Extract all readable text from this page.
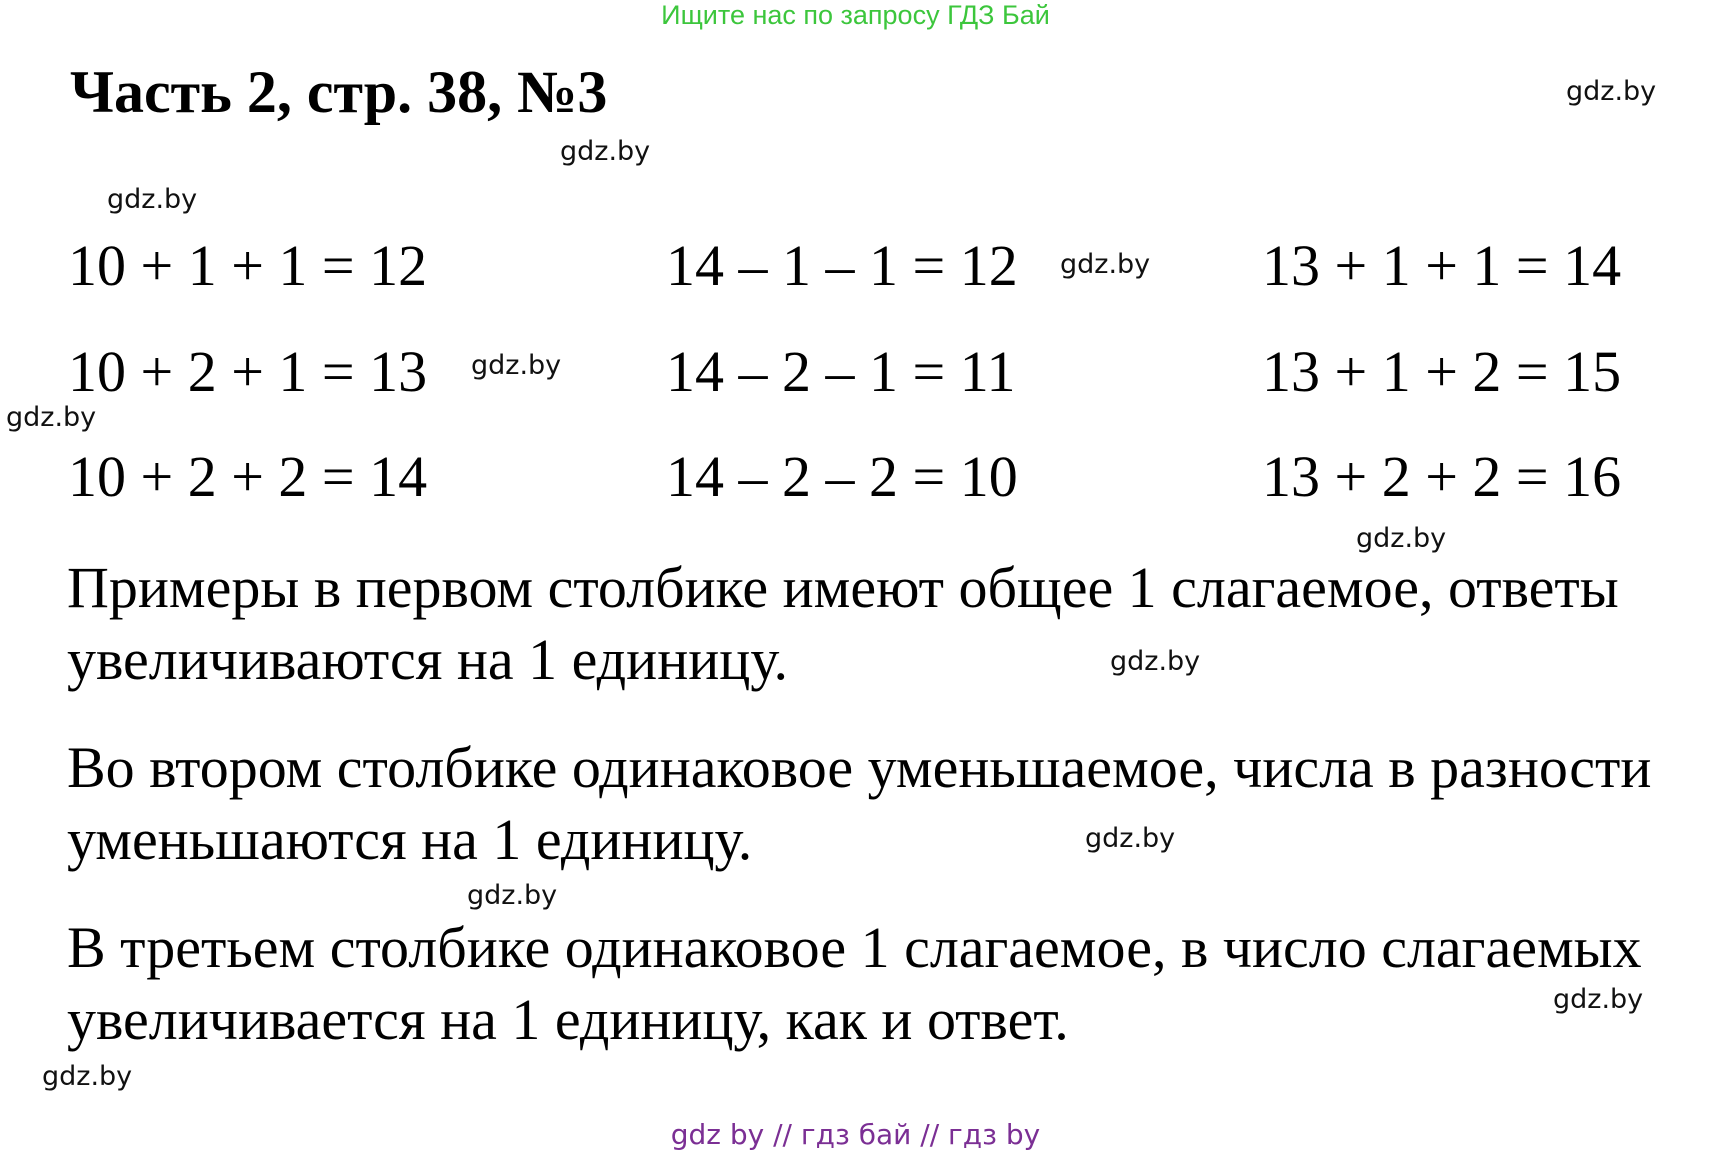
Ищите нас по запросу ГДЗ Бай
Часть 2, стр. 38, №3	gdz.by
gdz.by
gdz.by
gdz.by
gdz.by
gdz.by
gdz.by
gdz.by
gdz.by
gdz.by
gdz.by
gdz.by
10 + 1 + 1 = 12
10 + 2 + 1 = 13
10 + 2 + 2 = 14
14 – 1 – 1 = 12
14 – 2 – 1 = 11
14 – 2 – 2 = 10
13 + 1 + 1 = 14
13 + 1 + 2 = 15
13 + 2 + 2 = 16
Примеры в первом столбике имеют общее 1 слагаемое, ответы увеличиваются на 1 единицу.
Во втором столбике одинаковое уменьшаемое, числа в разности уменьшаются на 1 единицу.
В третьем столбике одинаковое 1 слагаемое, в число слагаемых увеличивается на 1 единицу, как и ответ.
gdz by // гдз бай // гдз by
